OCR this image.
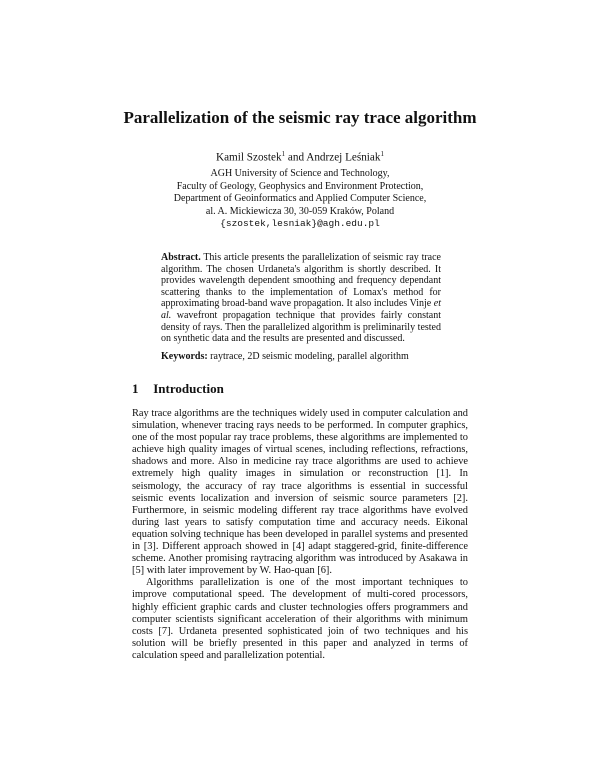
Parallelization of the seismic ray trace algorithm
Kamil Szostek$^1$ and Andrzej Leśniak$^1$
AGH University of Science and Technology,
Faculty of Geology, Geophysics and Environment Protection,
Department of Geoinformatics and Applied Computer Science,
al. A. Mickiewicza 30, 30-059 Kraków, Poland
{szostek,lesniak}@agh.edu.pl
Abstract. This article presents the parallelization of seismic ray trace algorithm. The chosen Urdaneta's algorithm is shortly described. It provides wavelength dependent smoothing and frequency dependant scattering thanks to the implementation of Lomax's method for approximating broad-band wave propagation. It also includes Vinje et al. wavefront propagation technique that provides fairly constant density of rays. Then the parallelized algorithm is preliminarily tested on synthetic data and the results are presented and discussed.
Keywords: raytrace, 2D seismic modeling, parallel algorithm
1 Introduction

Ray trace algorithms are the techniques widely used in computer calculation and simulation, whenever tracing rays needs to be performed. In computer graphics, one of the most popular ray trace problems, these algorithms are implemented to achieve high quality images of virtual scenes, including reflections, refractions, shadows and more. Also in medicine ray trace algorithms are used to achieve extremely high quality images in simulation or reconstruction [1]. In seismology, the accuracy of ray trace algorithms is essential in successful seismic events localization and inversion of seismic source parameters [2]. Furthermore, in seismic modeling different ray trace algorithms have evolved during last years to satisfy computation time and accuracy needs. Eikonal equation solving technique has been developed in parallel systems and presented in [3]. Different approach showed in [4] adapt staggered-grid, finite-difference scheme. Another promising raytracing algorithm was introduced by Asakawa in [5] with later improvement by W. Hao-quan [6].

Algorithms parallelization is one of the most important techniques to improve computational speed. The development of multi-cored processors, highly efficient graphic cards and cluster technologies offers programmers and computer scientists significant acceleration of their algorithms with minimum costs [7]. Urdaneta presented sophisticated join of two techniques and his solution will be briefly presented in this paper and analyzed in terms of calculation speed and parallelization potential.
